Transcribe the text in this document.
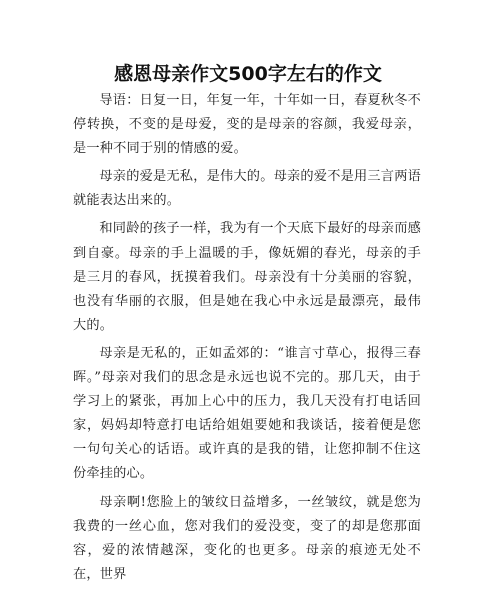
感恩母亲作文500字左右的作文

导语：日复一日，年复一年，十年如一日，春夏秋冬不停转换，不变的是母爱，变的是母亲的容颜，我爱母亲，是一种不同于别的情感的爱。

母亲的爱是无私，是伟大的。母亲的爱不是用三言两语就能表达出来的。

和同龄的孩子一样，我为有一个天底下最好的母亲而感到自豪。母亲的手上温暖的手，像妩媚的春光，母亲的手是三月的春风，抚摸着我们。母亲没有十分美丽的容貌，也没有华丽的衣服，但是她在我心中永远是最漂亮，最伟大的。

母亲是无私的，正如孟郊的：“谁言寸草心，报得三春晖。”母亲对我们的思念是永远也说不完的。那几天，由于学习上的紧张，再加上心中的压力，我几天没有打电话回家，妈妈却特意打电话给姐姐要她和我谈话，接着便是您一句句关心的话语。或许真的是我的错，让您抑制不住这份牵挂的心。

母亲啊!您脸上的皱纹日益增多，一丝皱纹，就是您为我费的一丝心血，您对我们的爱没变，变了的却是您那面容，爱的浓情越深，变化的也更多。母亲的痕迹无处不在，世界
